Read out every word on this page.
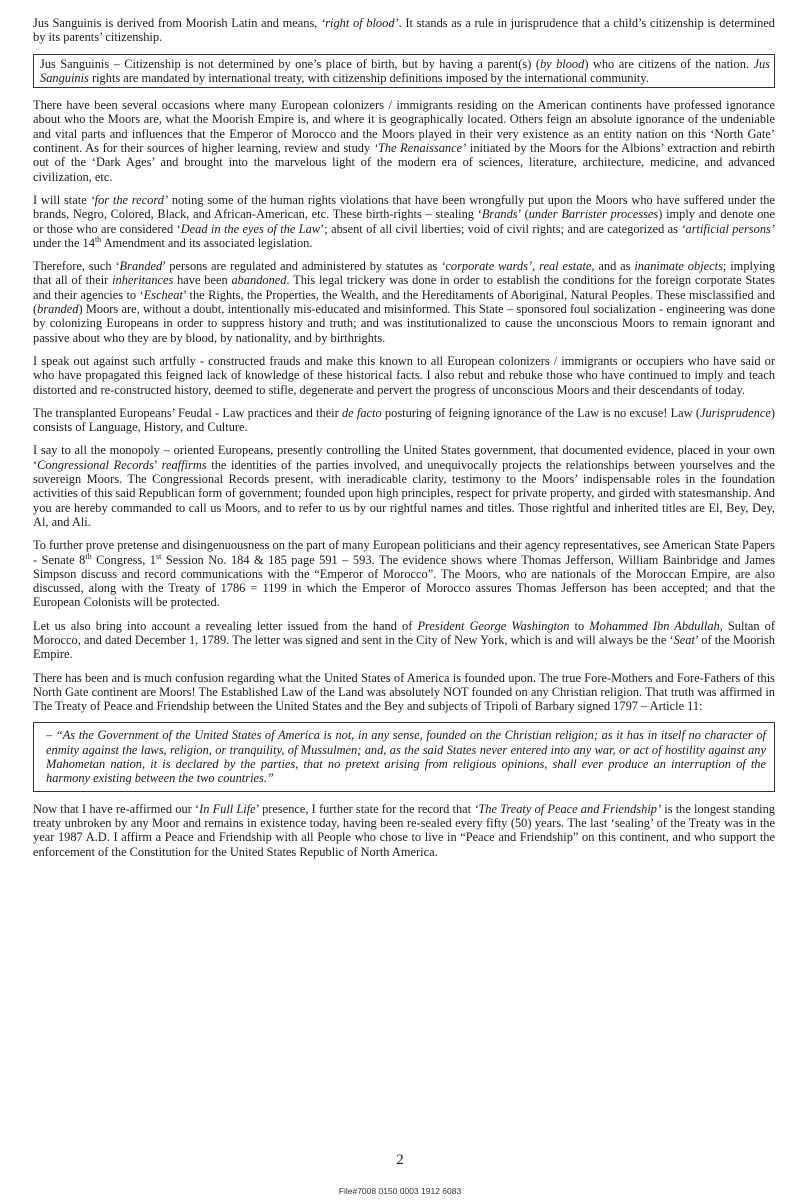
Jus Sanguinis is derived from Moorish Latin and means, ‘right of blood’. It stands as a rule in jurisprudence that a child’s citizenship is determined by its parents’ citizenship.

Jus Sanguinis – Citizenship is not determined by one’s place of birth, but by having a parent(s) (by blood) who are citizens of the nation. Jus Sanguinis rights are mandated by international treaty, with citizenship definitions imposed by the international community.

There have been several occasions where many European colonizers / immigrants residing on the American continents have professed ignorance about who the Moors are, what the Moorish Empire is, and where it is geographically located. Others feign an absolute ignorance of the undeniable and vital parts and influences that the Emperor of Morocco and the Moors played in their very existence as an entity nation on this ‘North Gate’ continent. As for their sources of higher learning, review and study ‘The Renaissance’ initiated by the Moors for the Albions’ extraction and rebirth out of the ‘Dark Ages’ and brought into the marvelous light of the modern era of sciences, literature, architecture, medicine, and advanced civilization, etc.

I will state ‘for the record’ noting some of the human rights violations that have been wrongfully put upon the Moors who have suffered under the brands, Negro, Colored, Black, and African-American, etc. These birth-rights – stealing ‘Brands’ (under Barrister processes) imply and denote one or those who are considered ‘Dead in the eyes of the Law’; absent of all civil liberties; void of civil rights; and are categorized as ‘artificial persons’ under the 14th Amendment and its associated legislation.

Therefore, such ‘Branded’ persons are regulated and administered by statutes as ‘corporate wards’, real estate, and as inanimate objects; implying that all of their inheritances have been abandoned. This legal trickery was done in order to establish the conditions for the foreign corporate States and their agencies to ‘Escheat’ the Rights, the Properties, the Wealth, and the Hereditaments of Aboriginal, Natural Peoples. These misclassified and (branded) Moors are, without a doubt, intentionally mis-educated and misinformed. This State – sponsored foul socialization - engineering was done by colonizing Europeans in order to suppress history and truth; and was institutionalized to cause the unconscious Moors to remain ignorant and passive about who they are by blood, by nationality, and by birthrights.

I speak out against such artfully - constructed frauds and make this known to all European colonizers / immigrants or occupiers who have said or who have propagated this feigned lack of knowledge of these historical facts. I also rebut and rebuke those who have continued to imply and teach distorted and re-constructed history, deemed to stifle, degenerate and pervert the progress of unconscious Moors and their descendants of today.

The transplanted Europeans’ Feudal - Law practices and their de facto posturing of feigning ignorance of the Law is no excuse! Law (Jurisprudence) consists of Language, History, and Culture.

I say to all the monopoly – oriented Europeans, presently controlling the United States government, that documented evidence, placed in your own ‘Congressional Records’ reaffirms the identities of the parties involved, and unequivocally projects the relationships between yourselves and the sovereign Moors. The Congressional Records present, with ineradicable clarity, testimony to the Moors’ indispensable roles in the foundation activities of this said Republican form of government; founded upon high principles, respect for private property, and girded with statesmanship. And you are hereby commanded to call us Moors, and to refer to us by our rightful names and titles. Those rightful and inherited titles are El, Bey, Dey, Al, and Ali.

To further prove pretense and disingenuousness on the part of many European politicians and their agency representatives, see American State Papers - Senate 8th Congress, 1st Session No. 184 & 185 page 591 – 593. The evidence shows where Thomas Jefferson, William Bainbridge and James Simpson discuss and record communications with the “Emperor of Morocco”. The Moors, who are nationals of the Moroccan Empire, are also discussed, along with the Treaty of 1786 = 1199 in which the Emperor of Morocco assures Thomas Jefferson has been accepted; and that the European Colonists will be protected.

Let us also bring into account a revealing letter issued from the hand of President George Washington to Mohammed Ibn Abdullah, Sultan of Morocco, and dated December 1, 1789. The letter was signed and sent in the City of New York, which is and will always be the ‘Seat’ of the Moorish Empire.

There has been and is much confusion regarding what the United States of America is founded upon. The true Fore-Mothers and Fore-Fathers of this North Gate continent are Moors! The Established Law of the Land was absolutely NOT founded on any Christian religion. That truth was affirmed in The Treaty of Peace and Friendship between the United States and the Bey and subjects of Tripoli of Barbary signed 1797 – Article 11:

– “As the Government of the United States of America is not, in any sense, founded on the Christian religion; as it has in itself no character of enmity against the laws, religion, or tranquility, of Mussulmen; and, as the said States never entered into any war, or act of hostility against any Mahometan nation, it is declared by the parties, that no pretext arising from religious opinions, shall ever produce an interruption of the harmony existing between the two countries.”

Now that I have re-affirmed our ‘In Full Life’ presence, I further state for the record that ‘The Treaty of Peace and Friendship’ is the longest standing treaty unbroken by any Moor and remains in existence today, having been re-sealed every fifty (50) years. The last ‘sealing’ of the Treaty was in the year 1987 A.D. I affirm a Peace and Friendship with all People who chose to live in “Peace and Friendship” on this continent, and who support the enforcement of the Constitution for the United States Republic of North America.

2
File#7008 0150 0003 1912 6083
